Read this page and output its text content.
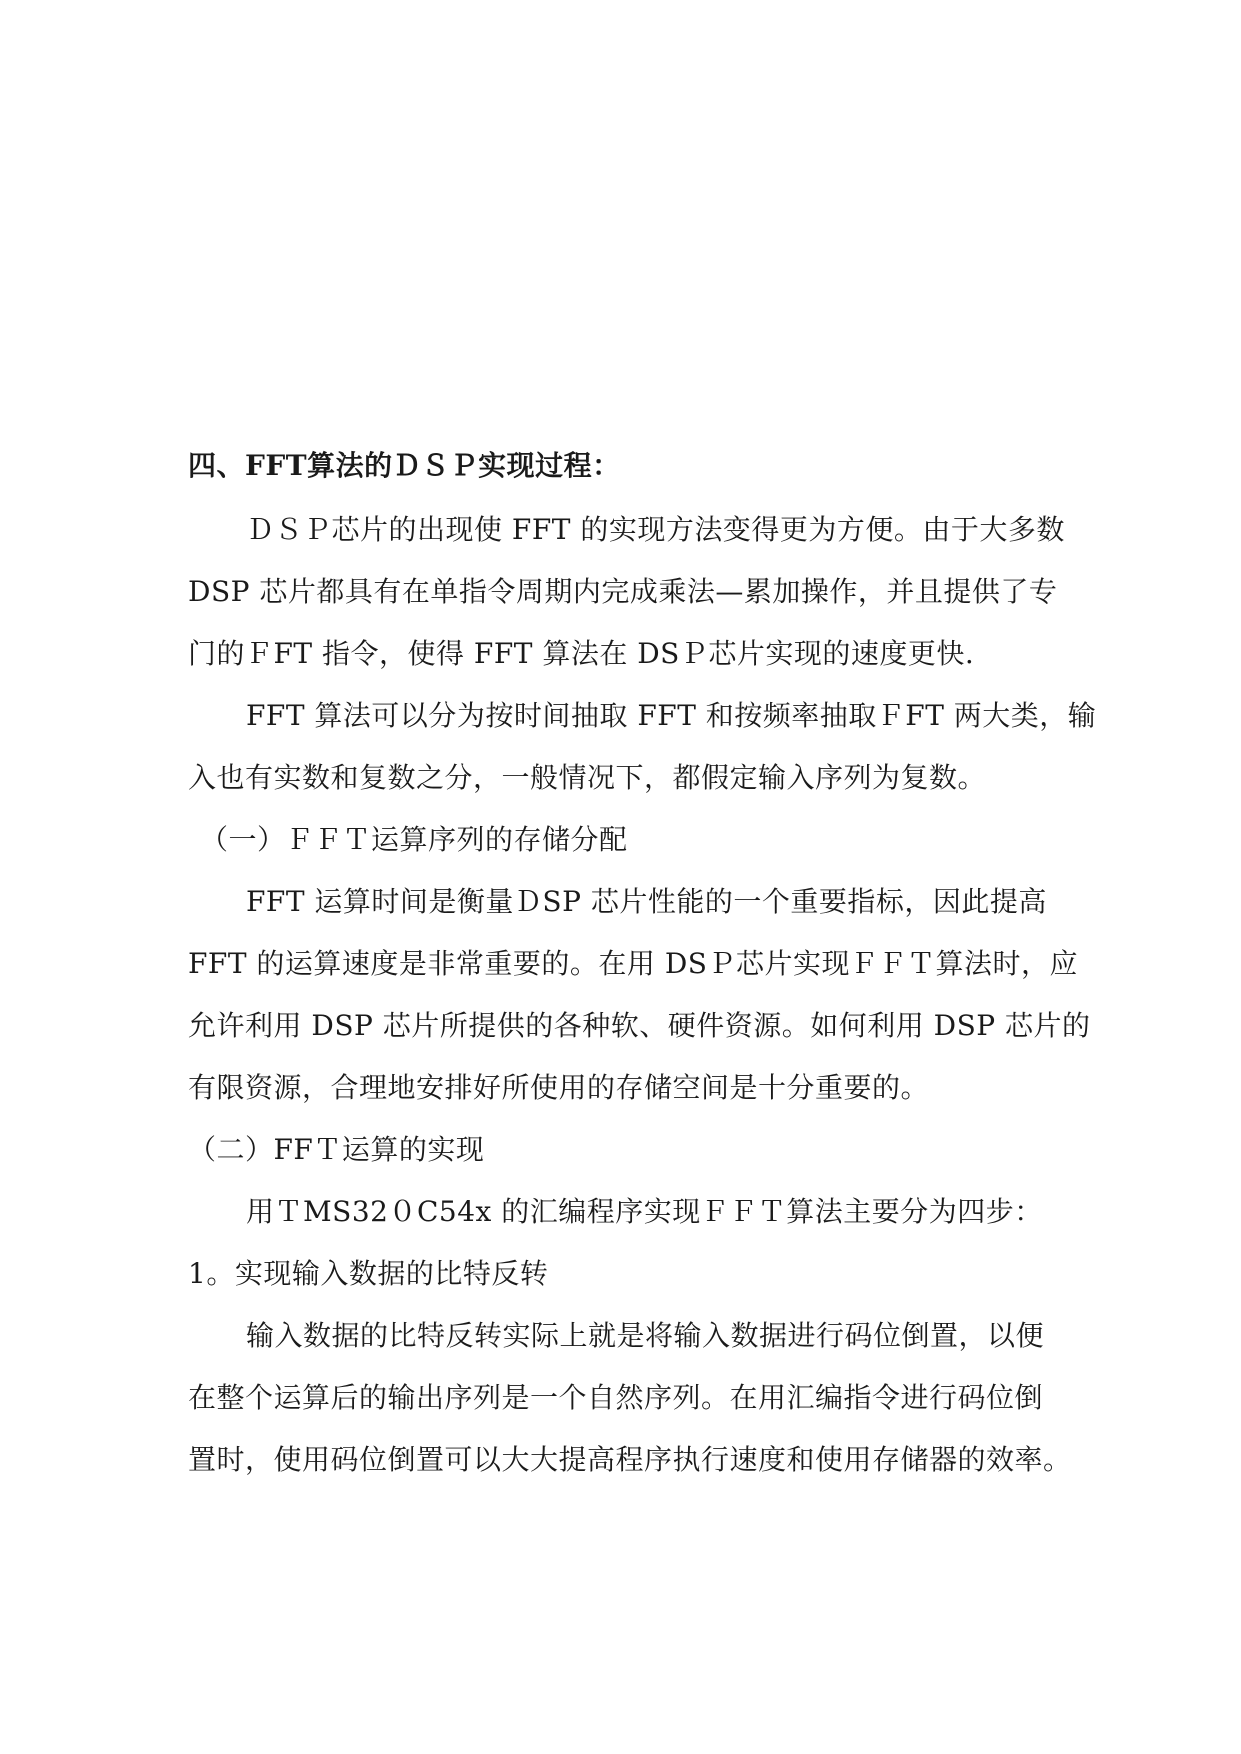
四、FFT算法的ＤＳＰ实现过程：
ＤＳＰ芯片的出现使 FFT 的实现方法变得更为方便。由于大多数
DSP 芯片都具有在单指令周期内完成乘法—累加操作，并且提供了专
门的ＦFT 指令，使得 FFT 算法在 DSＰ芯片实现的速度更快.
FFT 算法可以分为按时间抽取 FFT 和按频率抽取ＦFT 两大类，输
入也有实数和复数之分，一般情况下，都假定输入序列为复数。
（一）ＦＦＴ运算序列的存储分配
FFT 运算时间是衡量ＤSP 芯片性能的一个重要指标，因此提高
FFT 的运算速度是非常重要的。在用 DSＰ芯片实现ＦＦＴ算法时，应
允许利用 DSP 芯片所提供的各种软、硬件资源。如何利用 DSP 芯片的
有限资源，合理地安排好所使用的存储空间是十分重要的。
（二）FFＴ运算的实现
用ＴMS32０C54x 的汇编程序实现ＦＦＴ算法主要分为四步：
1。实现输入数据的比特反转
输入数据的比特反转实际上就是将输入数据进行码位倒置，以便
在整个运算后的输出序列是一个自然序列。在用汇编指令进行码位倒
置时，使用码位倒置可以大大提高程序执行速度和使用存储器的效率。
